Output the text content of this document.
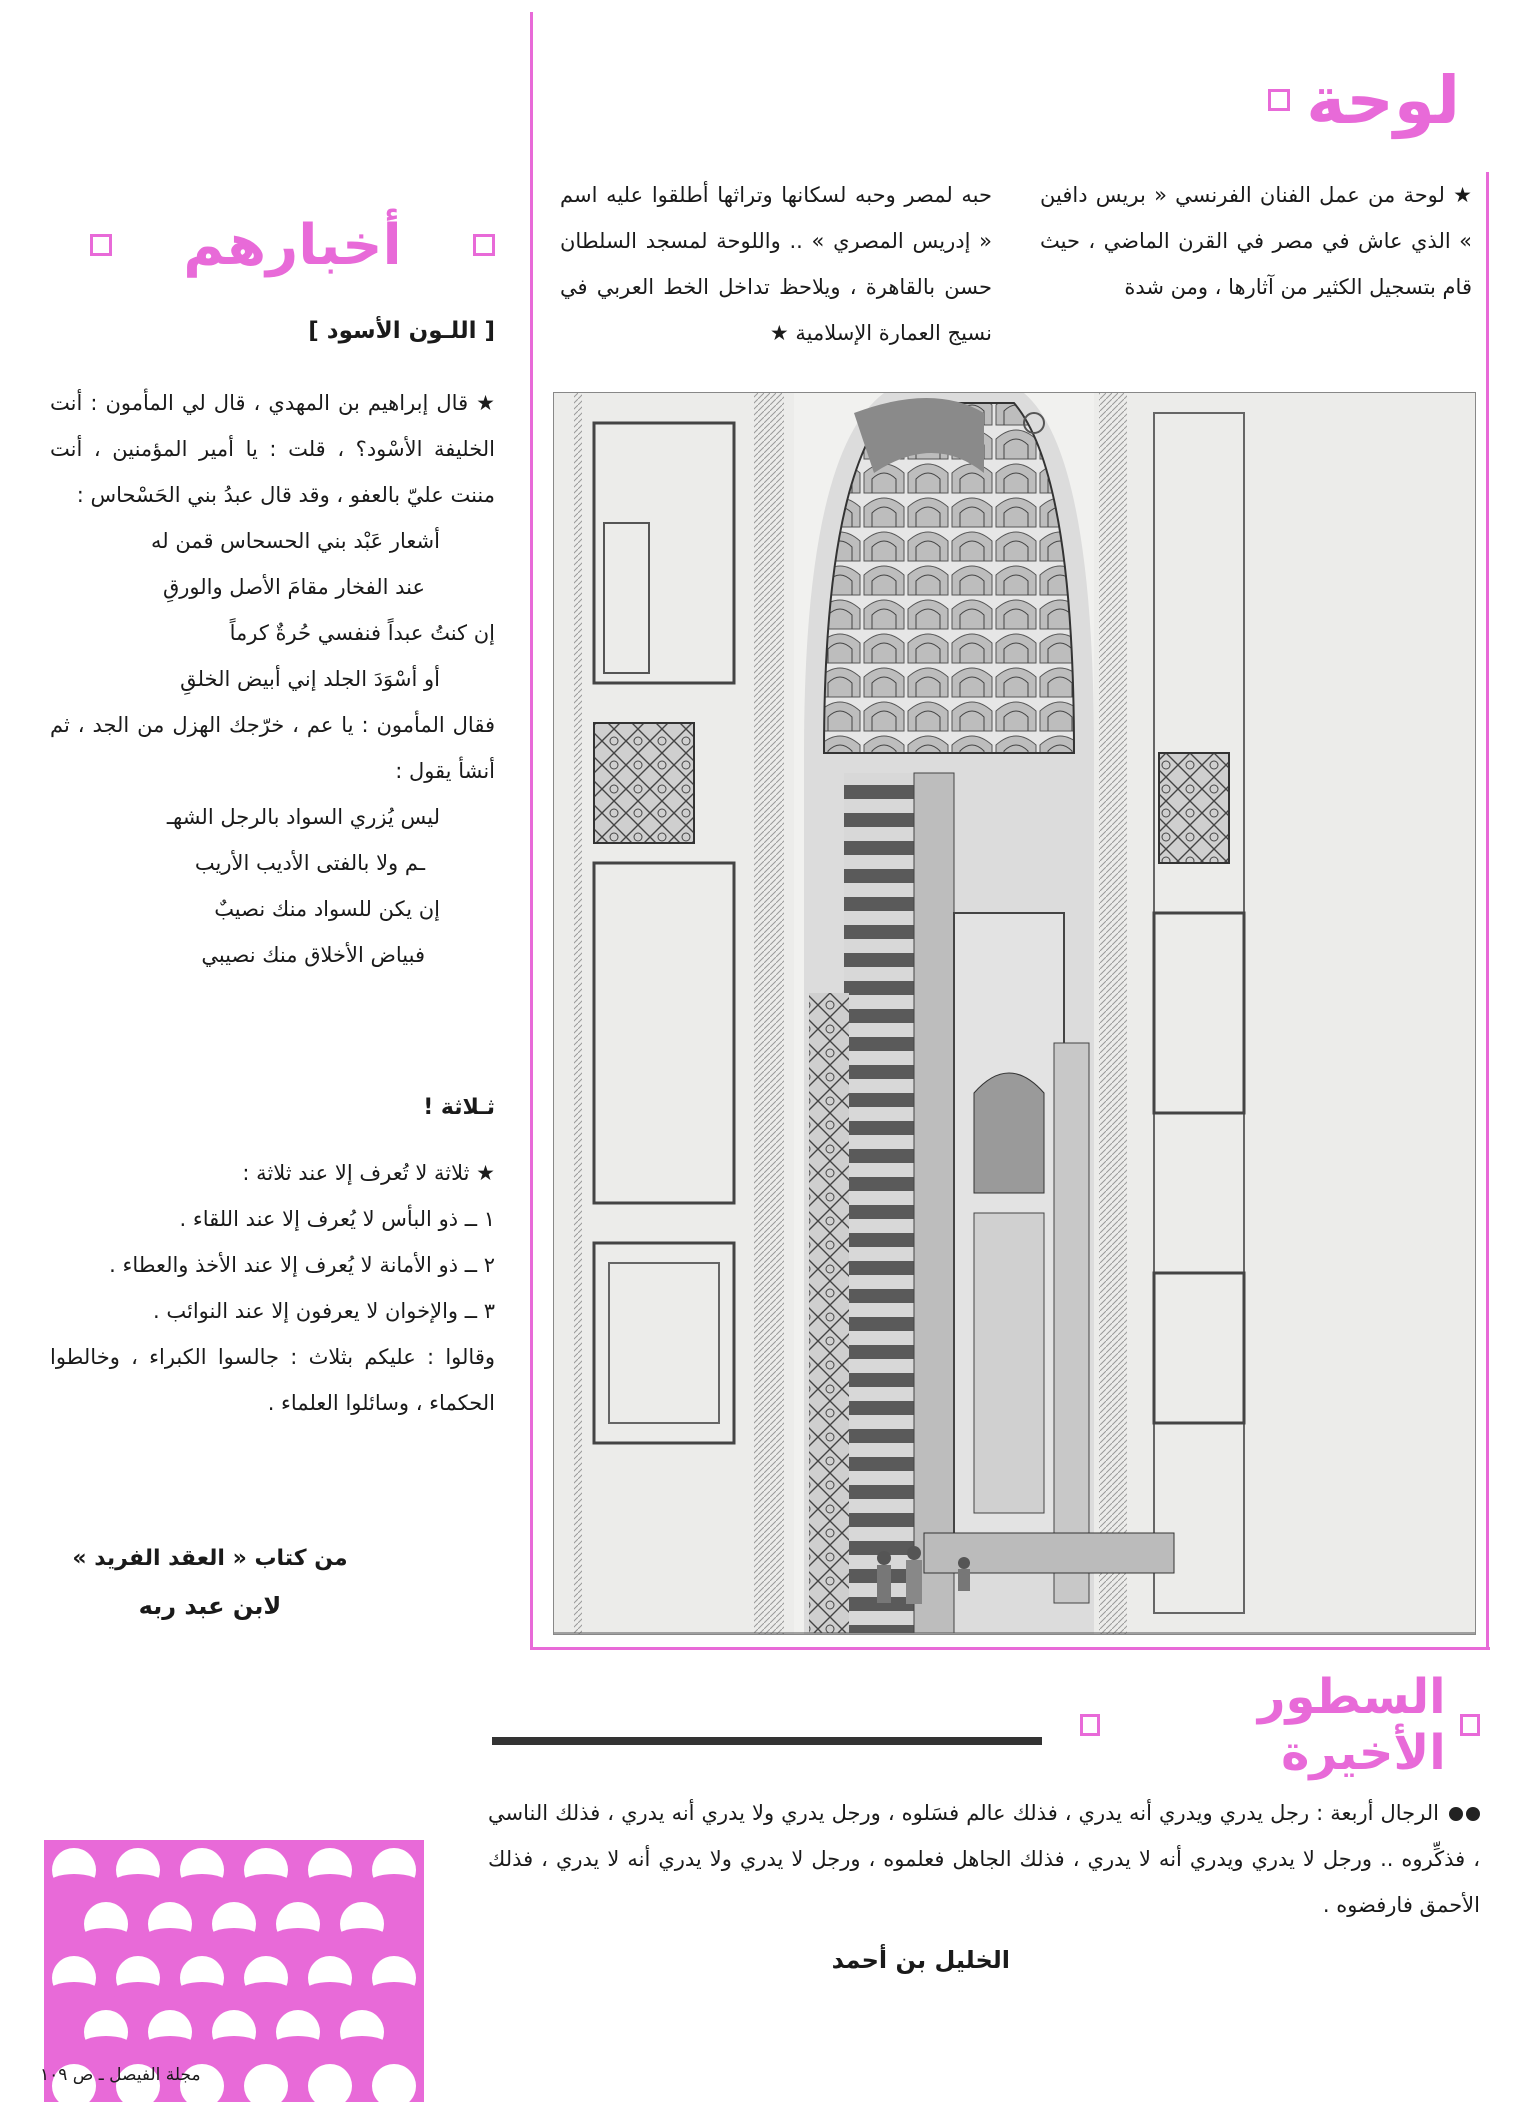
لوحة
★ لوحة من عمل الفنان الفرنسي « بريس دافين » الذي عاش في مصر في القرن الماضي ، حيث قام بتسجيل الكثير من آثارها ، ومن شدة
حبه لمصر وحبه لسكانها وتراثها أطلقوا عليه اسم « إدريس المصري » .. واللوحة لمسجد السلطان حسن بالقاهرة ، ويلاحظ تداخل الخط العربي في نسيج العمارة الإسلامية ★
أخبارهم
[ اللـون الأسود ]

★ قال إبراهيم بن المهدي ، قال لي المأمون : أنت الخليفة الأسْود؟ ، قلت : يا أمير المؤمنين ، أنت مننت عليّ بالعفو ، وقد قال عبدُ بني الحَسْحاس :

أشعار عَبْد بني الحسحاس قمن له

عند الفخار مقامَ الأصل والورقِ

إن كنتُ عبداً فنفسي حُرةٌ كرماً

أو أسْوَدَ الجلد إني أبيض الخلقِ

فقال المأمون : يا عم ، خرّجك الهزل من الجد ، ثم أنشأ يقول :

ليس يُزري السواد بالرجل الشهـ

ـم ولا بالفتى الأديب الأريب

إن يكن للسواد منك نصيبٌ

فبياض الأخلاق منك نصيبي

ثـلاثة !

★ ثلاثة لا تُعرف إلا عند ثلاثة :

١ ــ ذو البأس لا يُعرف إلا عند اللقاء .

٢ ــ ذو الأمانة لا يُعرف إلا عند الأخذ والعطاء .

٣ ــ والإخوان لا يعرفون إلا عند النوائب .

وقالوا : عليكم بثلاث : جالسوا الكبراء ، وخالطوا الحكماء ، وسائلوا العلماء .

من كتاب « العقد الفريد »
لابن عبد ربه
السطور الأخيرة
الرجال أربعة : رجل يدري ويدري أنه يدري ، فذلك عالم فسَلوه ، ورجل يدري ولا يدري أنه يدري ، فذلك الناسي ، فذكِّروه .. ورجل لا يدري ويدري أنه لا يدري ، فذلك الجاهل فعلموه ، ورجل لا يدري ولا يدري أنه لا يدري ، فذلك الأحمق فارفضوه .
الخليل بن أحمد
مجلة الفيصل ـ ص ١٠٩
